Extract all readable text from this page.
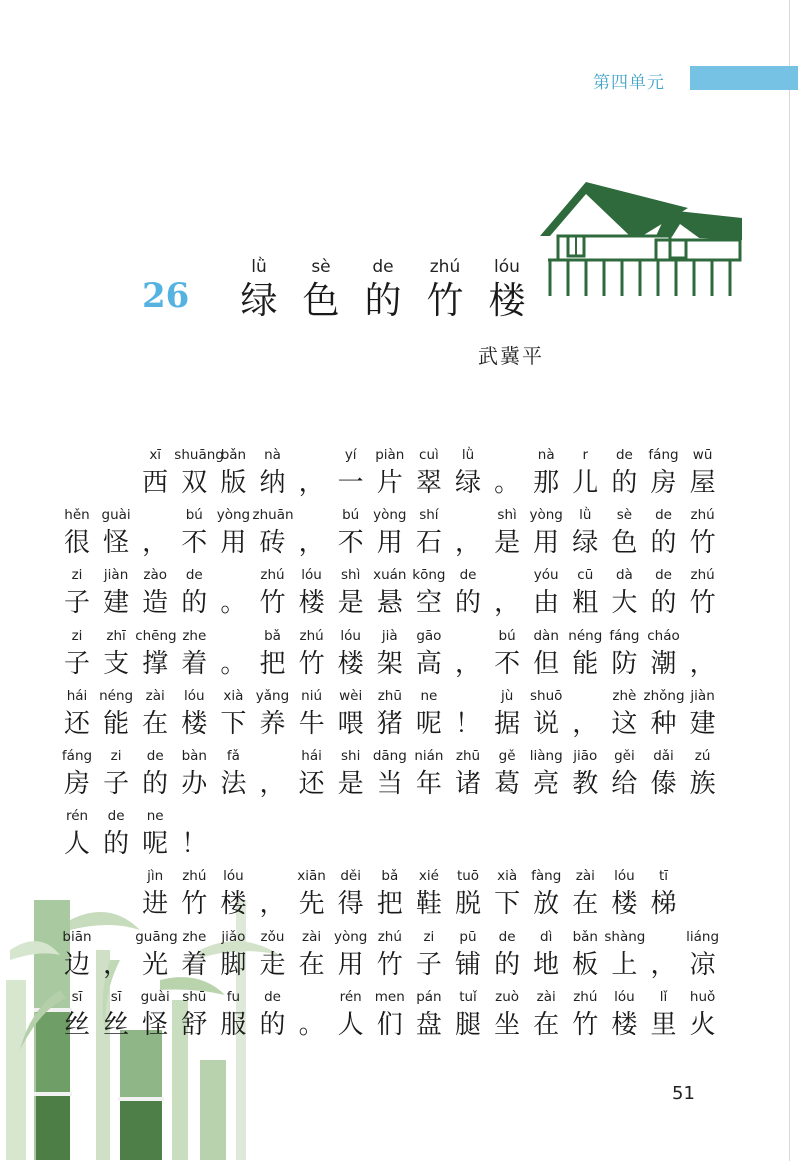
第四单元
26
lǜ
绿
sè
色
de
的
zhú
竹
lóu
楼
武冀平
51
xī
西
shuāng
双
bǎn
版
nà
纳 ，
yí
一
piàn
片
cuì
翠
lǜ
绿 。
nà
那
r
儿
de
的
fáng
房
wū
屋
hěn
很
guài
怪 ，
bú
不
yòng
用
zhuān
砖 ，
bú
不
yòng
用
shí
石 ，
shì
是
yòng
用
lǜ
绿
sè
色
de
的
zhú
竹
zi
子
jiàn
建
zào
造
de
的 。
zhú
竹
lóu
楼
shì
是
xuán
悬
kōng
空
de
的 ，
yóu
由
cū
粗
dà
大
de
的
zhú
竹
zi
子
zhī
支
chēng
撑
zhe
着 。
bǎ
把
zhú
竹
lóu
楼
jià
架
gāo
高 ，
bú
不
dàn
但
néng
能
fáng
防
cháo
潮 ，
hái
还
néng
能
zài
在
lóu
楼
xià
下
yǎng
养
niú
牛
wèi
喂
zhū
猪
ne
呢 ！
jù
据
shuō
说 ，
zhè
这
zhǒng
种
jiàn
建
fáng
房
zi
子
de
的
bàn
办
fǎ
法 ，
hái
还
shi
是
dāng
当
nián
年
zhū
诸
gě
葛
liàng
亮
jiāo
教
gěi
给
dǎi
傣
zú
族
rén
人
de
的
ne
呢 ！
jìn
进
zhú
竹
lóu
楼 ，
xiān
先
děi
得
bǎ
把
xié
鞋
tuō
脱
xià
下
fàng
放
zài
在
lóu
楼
tī
梯
biān
边 ，
guāng
光
zhe
着
jiǎo
脚
zǒu
走
zài
在
yòng
用
zhú
竹
zi
子
pū
铺
de
的
dì
地
bǎn
板
shàng
上 ，
liáng
凉
sī
丝
sī
丝
guài
怪
shū
舒
fu
服
de
的 。
rén
人
men
们
pán
盘
tuǐ
腿
zuò
坐
zài
在
zhú
竹
lóu
楼
lǐ
里
huǒ
火
